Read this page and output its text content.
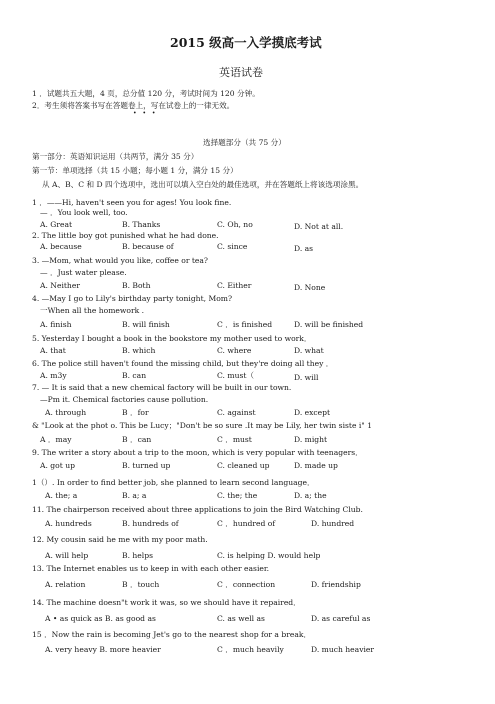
2015 级高一入学摸底考试
英语试卷
1 ．试题共五大题，4 页，总分值 120 分，考试时间为 120 分钟。
2．考生须将答案书写在答题卷上，写在试卷上的一律无效。
• • •
选择题部分（共 75 分）
第一部分：英语知识运用（共两节，满分 35 分）
第一节：单项选择（共 15 小题；每小题 1 分，满分 15 分）
从 A、B、C 和 D 四个选项中，选出可以填入空白处的最佳选项，并在答题纸上将该选项涂黑。
1 ．——Hi, haven't seen you for ages! You look fine.
— ．You look well, too.
A. Great	B. Thanks	C. Oh, no	D. Not at all.
2. The little boy got punished what he had done.
A. because	B. because of	C. since	D. as
3. —Mom, what would you like, coffee or tea?
— ．Just water please.
A. Neither	B. Both	C. Either	D. None
4. —May I go to Lily's birthday party tonight, Mom?
一When all the homework .
A. finish	B. will finish	C ．is finished	D. will be finished
5. Yesterday I bought a book in the bookstore my mother used to work．
A. that	B. which	C. where	D. what
6. The police still haven't found the missing child, but they're doing all they ．
A. m3y	B. can	C. must（	D. will
7. — It is said that a new chemical factory will be built in our town.
—Pm it. Chemical factories cause pollution.
A. through	B ．for	C. against	D. except
& "Look at the phot o. This be Lucy；"Don't be so sure .It may be Lily, her twin siste i" 1
A ．may	B ．can	C ．must	D. might
9. The writer a story about a trip to the moon, which is very popular with teenagers．
A. got up	B. turned up	C. cleaned up	D. made up
1（）. In order to find better job, she planned to learn second language．
A. the; a	B. a; a	C. the; the	D. a; the
11. The chairperson received about three applications to join the Bird Watching Club.
A. hundreds	B. hundreds of	C ．hundred of	D. hundred
12. My cousin said he me with my poor math.
A. will help	B. helps	C. is helping D. would help
13. The Internet enables us to keep in with each other easier.
A. relation	B ．touch	C ．connection	D. friendship
14. The machine doesn"t work it was, so we should have it repaired．
A • as quick as B. as good as	C. as well as	D. as careful as
15 ．Now the rain is becoming Jet's go to the nearest shop for a break．
A. very heavy B. more heavier	C ．much heavily	D. much heavier
